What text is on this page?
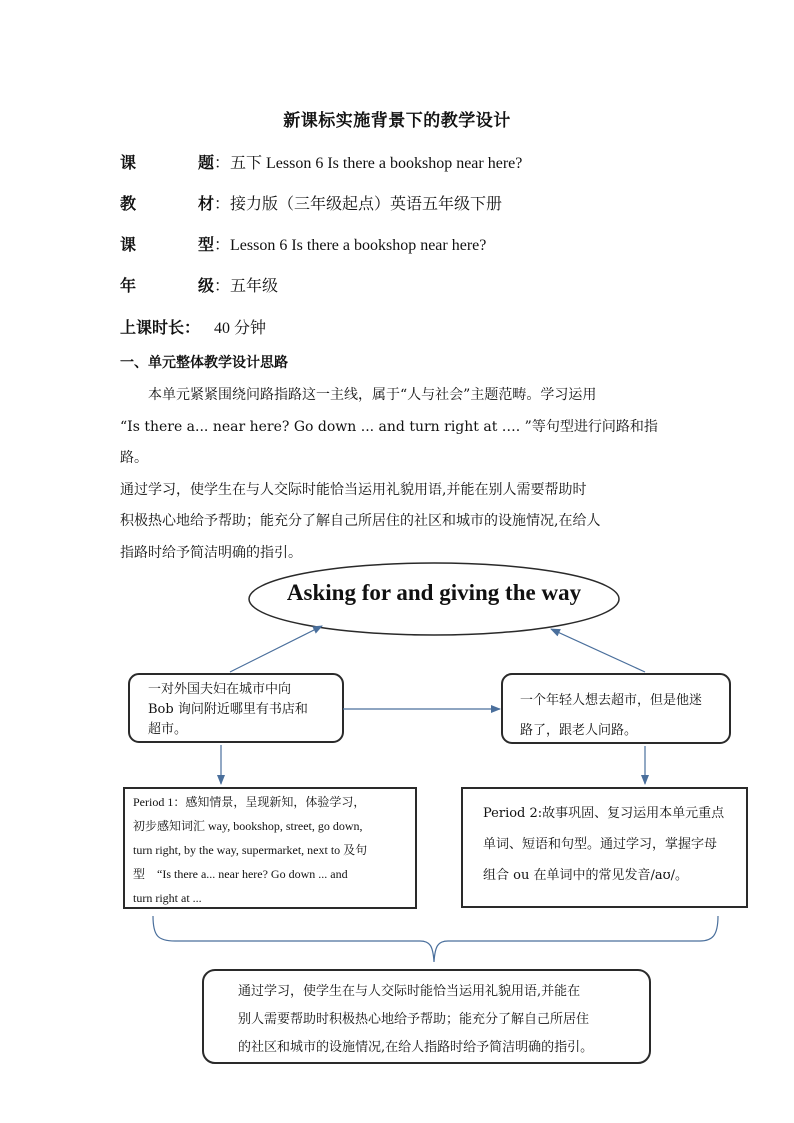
新课标实施背景下的教学设计
课	题 ： 五下 Lesson 6 Is there a bookshop near here?
教	材 ： 接力版（三年级起点）英语五年级下册
课	型 ： Lesson 6 Is there a bookshop near here?
年	级 ： 五年级
上课时长： 40 分钟
一、单元整体教学设计思路

本单元紧紧围绕问路指路这一主线，属于“人与社会”主题范畴。学习运用

“Is there a... near here? Go down ... and turn right at …. ”等句型进行问路和指路。

通过学习，使学生在与人交际时能恰当运用礼貌用语,并能在别人需要帮助时

积极热心地给予帮助；能充分了解自己所居住的社区和城市的设施情况,在给人

指路时给予简洁明确的指引。

Asking for and giving the way
一对外国夫妇在城市中向
Bob 询问附近哪里有书店和
超市。
一个年轻人想去超市，但是他迷
路了，跟老人问路。
Period 1：感知情景，呈现新知，体验学习，
初步感知词汇 way, bookshop, street, go down,
turn right, by the way, supermarket, next to 及句
型　“Is there a... near here? Go down ... and
turn right at ...
Period 2:故事巩固、复习运用本单元重点
单词、短语和句型。通过学习，掌握字母
组合 ou 在单词中的常见发音/aʊ/。
通过学习，使学生在与人交际时能恰当运用礼貌用语,并能在
别人需要帮助时积极热心地给予帮助；能充分了解自己所居住
的社区和城市的设施情况,在给人指路时给予简洁明确的指引。
